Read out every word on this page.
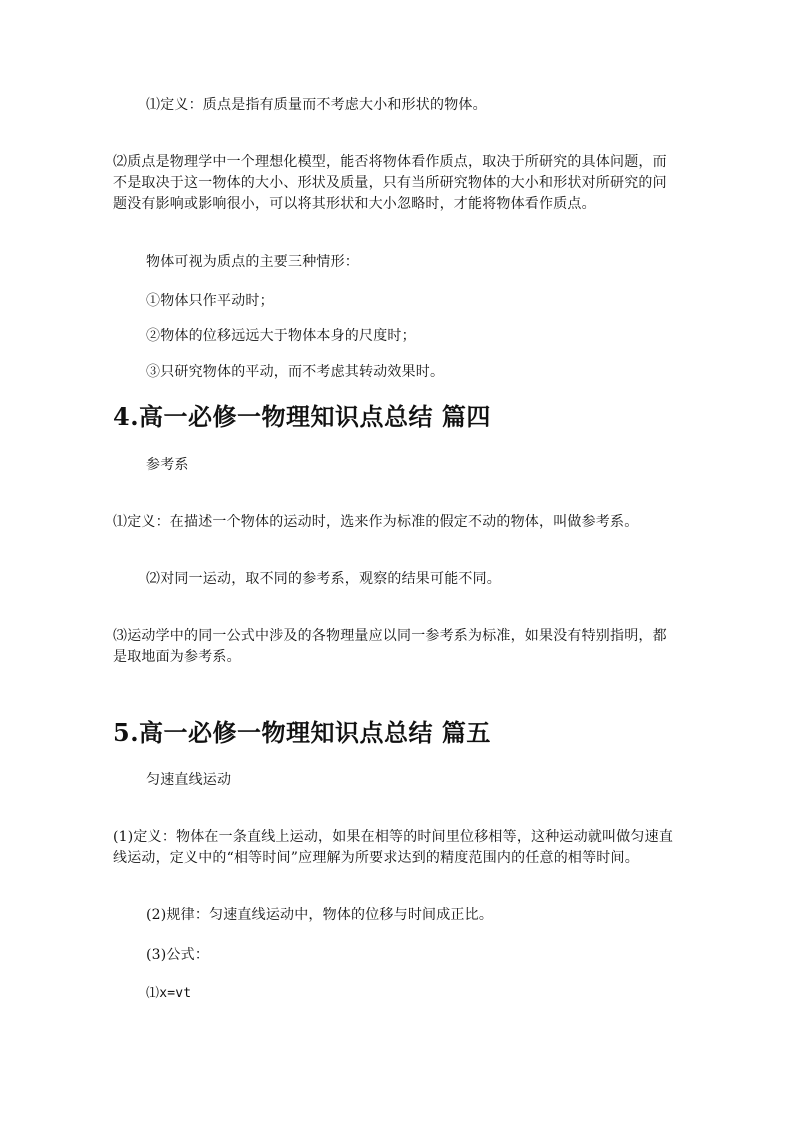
⑴定义：质点是指有质量而不考虑大小和形状的物体。
⑵质点是物理学中一个理想化模型，能否将物体看作质点，取决于所研究的具体问题，而不是取决于这一物体的大小、形状及质量，只有当所研究物体的大小和形状对所研究的问题没有影响或影响很小，可以将其形状和大小忽略时，才能将物体看作质点。
物体可视为质点的主要三种情形：
①物体只作平动时；
②物体的位移远远大于物体本身的尺度时；
③只研究物体的平动，而不考虑其转动效果时。
4.高一必修一物理知识点总结 篇四
参考系
⑴定义：在描述一个物体的运动时，选来作为标准的假定不动的物体，叫做参考系。
⑵对同一运动，取不同的参考系，观察的结果可能不同。
⑶运动学中的同一公式中涉及的各物理量应以同一参考系为标准，如果没有特别指明，都是取地面为参考系。
5.高一必修一物理知识点总结 篇五
匀速直线运动
(1)定义：物体在一条直线上运动，如果在相等的时间里位移相等，这种运动就叫做匀速直线运动，定义中的“相等时间”应理解为所要求达到的精度范围内的任意的相等时间。
(2)规律：匀速直线运动中，物体的位移与时间成正比。
(3)公式：
⑴x=vt
